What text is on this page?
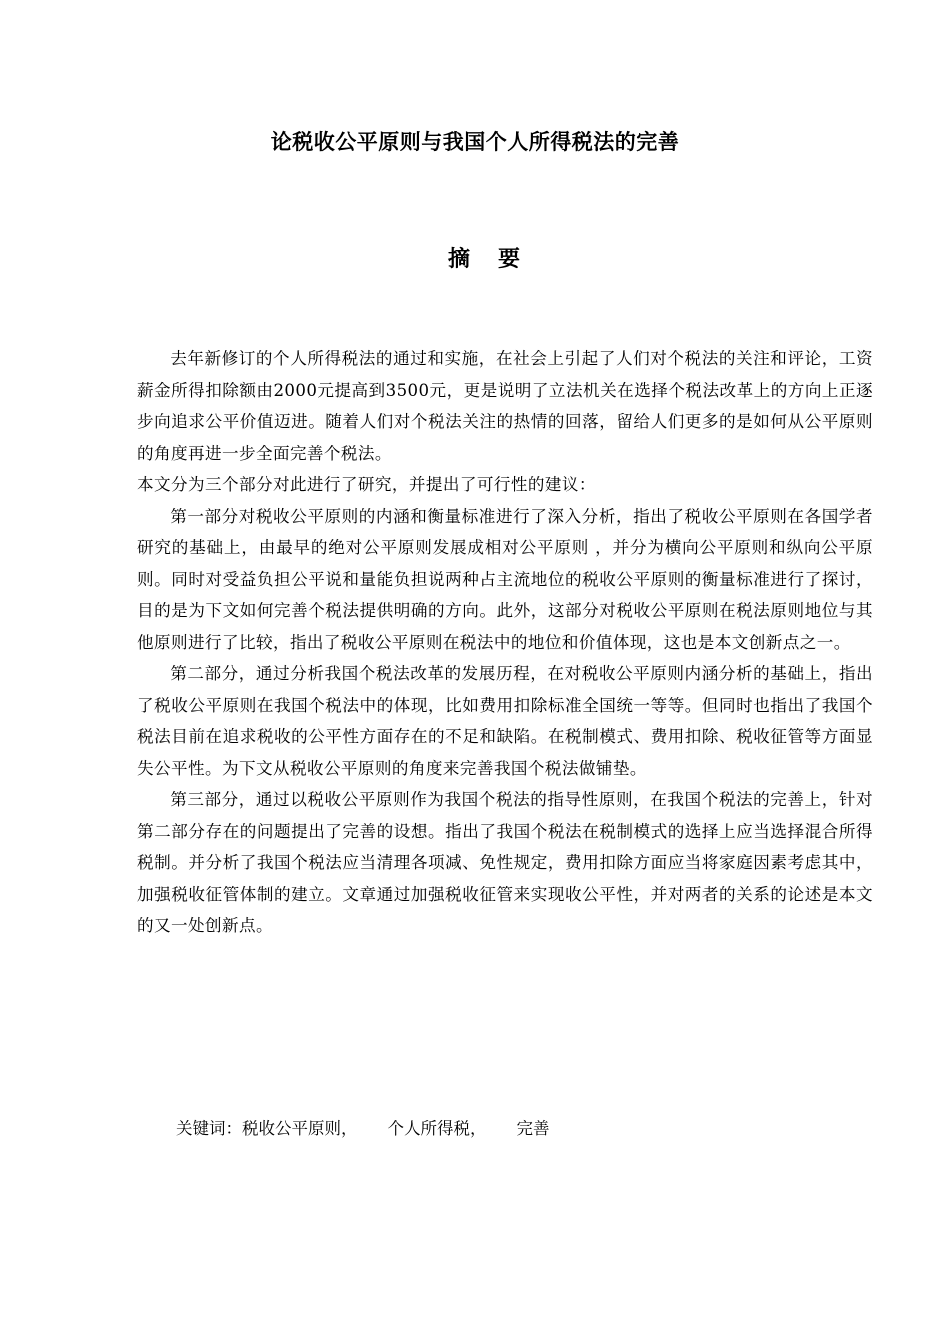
论税收公平原则与我国个人所得税法的完善
摘要

去年新修订的个人所得税法的通过和实施，在社会上引起了人们对个税法的关注和评论，工资薪金所得扣除额由2000元提高到3500元，更是说明了立法机关在选择个税法改革上的方向上正逐步向追求公平价值迈进。随着人们对个税法关注的热情的回落，留给人们更多的是如何从公平原则的角度再进一步全面完善个税法。

本文分为三个部分对此进行了研究，并提出了可行性的建议：

第一部分对税收公平原则的内涵和衡量标准进行了深入分析，指出了税收公平原则在各国学者研究的基础上，由最早的绝对公平原则发展成相对公平原则 ，并分为横向公平原则和纵向公平原则。同时对受益负担公平说和量能负担说两种占主流地位的税收公平原则的衡量标准进行了探讨，目的是为下文如何完善个税法提供明确的方向。此外，这部分对税收公平原则在税法原则地位与其他原则进行了比较，指出了税收公平原则在税法中的地位和价值体现，这也是本文创新点之一。

第二部分，通过分析我国个税法改革的发展历程，在对税收公平原则内涵分析的基础上，指出了税收公平原则在我国个税法中的体现，比如费用扣除标准全国统一等等。但同时也指出了我国个税法目前在追求税收的公平性方面存在的不足和缺陷。在税制模式、费用扣除、税收征管等方面显失公平性。为下文从税收公平原则的角度来完善我国个税法做铺垫。

第三部分，通过以税收公平原则作为我国个税法的指导性原则，在我国个税法的完善上，针对第二部分存在的问题提出了完善的设想。指出了我国个税法在税制模式的选择上应当选择混合所得税制。并分析了我国个税法应当清理各项减、免性规定，费用扣除方面应当将家庭因素考虑其中，加强税收征管体制的建立。文章通过加强税收征管来实现收公平性，并对两者的关系的论述是本文的又一处创新点。

关键词：税收公平原则， 个人所得税， 完善
